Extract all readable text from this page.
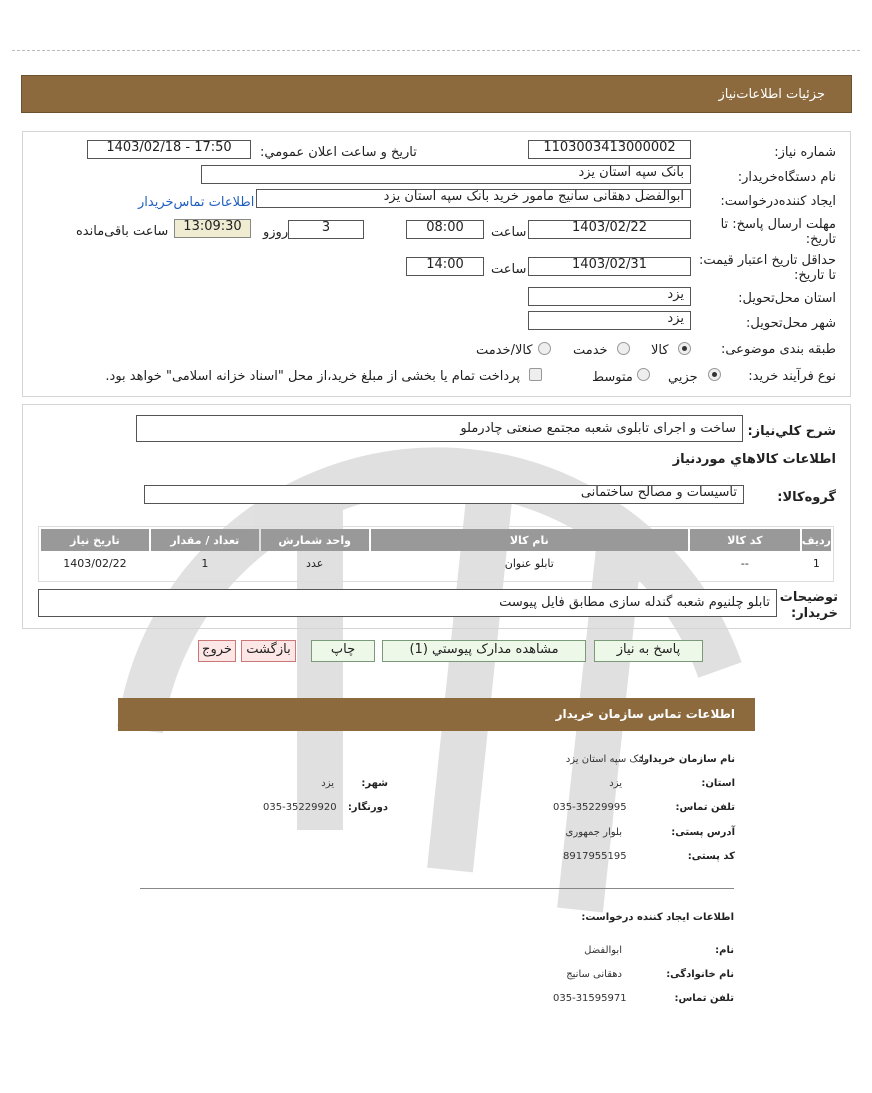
جزئیات اطلاعات‌نیاز
شماره نیاز:
1103003413000002
تاریخ و ساعت اعلان عمومي:
1403/02/18 - 17:50
نام دستگاه‌خریدار:
بانک سپه استان یزد
ایجاد کننده‌درخواست:
ابوالفضل دهقانی سانیج مامور خرید بانک سپه استان یزد
اطلاعات تماس‌خریدار
مهلت ارسال پاسخ: تا
تاریخ:
1403/02/22
ساعت
08:00
3
روزو
13:09:30
ساعت باقی‌مانده
حداقل تاریخ اعتبار قیمت:
تا تاریخ:
1403/02/31
ساعت
14:00
استان محل‌تحویل:
یزد
شهر محل‌تحویل:
یزد
طبقه بندی موضوعی:
کالا
خدمت
کالا/خدمت
نوع فرآیند خرید:
جزیي
متوسط
پرداخت تمام یا بخشی از مبلغ خرید،از محل "اسناد خزانه اسلامی" خواهد بود.
شرح کلي‌نیاز:
ساخت و اجرای تابلوی شعبه مجتمع صنعتی چادرملو
اطلاعات کالاهاي موردنیاز
گروه‌کالا:
تاسیسات و مصالح ساختمانی
ردیف	کد کالا	نام کالا	واحد شمارش	تعداد / مقدار	تاریخ نیاز
1	--	تابلو عنوان	عدد	1	1403/02/22
توضیحات
خریدار:
تابلو چلنیوم شعبه گندله سازی مطابق فایل پیوست
پاسخ به نیاز
مشاهده مدارک پیوستي (1)
چاپ
بازگشت
خروج
اطلاعات تماس سازمان خریدار
نام سازمان خریدار:
بانک سپه استان یزد
استان:
یزد
شهر:
یزد
تلفن تماس:
035-35229995
دورنگار:
035-35229920
آدرس پستی:
بلوار جمهوری
کد پستی:
8917955195
اطلاعات ایجاد کننده درخواست:
نام:
ابوالفضل
نام خانوادگی:
دهقانی سانیج
تلفن تماس:
035-31595971
